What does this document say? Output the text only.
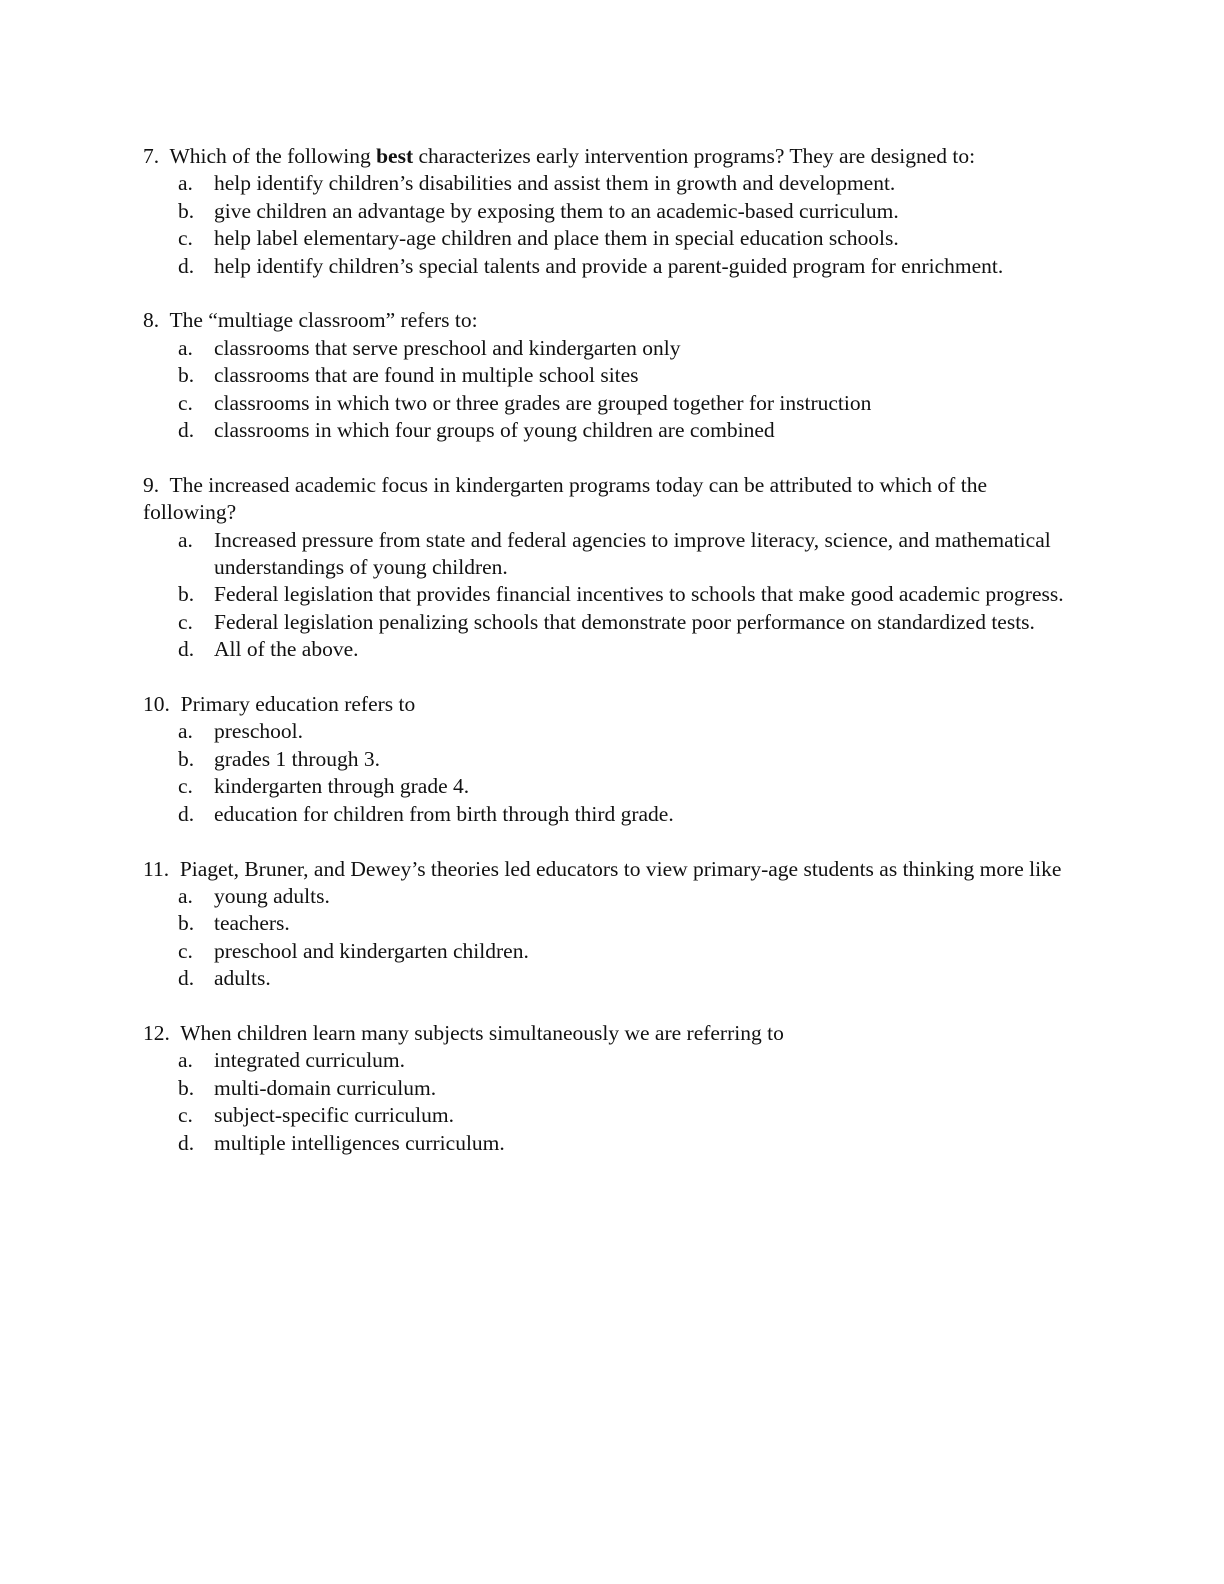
7. Which of the following best characterizes early intervention programs? They are designed to:

a. help identify children’s disabilities and assist them in growth and development.
b. give children an advantage by exposing them to an academic-based curriculum.
c. help label elementary-age children and place them in special education schools.
d. help identify children’s special talents and provide a parent-guided program for enrichment.

8. The “multiage classroom” refers to:

a. classrooms that serve preschool and kindergarten only
b. classrooms that are found in multiple school sites
c. classrooms in which two or three grades are grouped together for instruction
d. classrooms in which four groups of young children are combined

9. The increased academic focus in kindergarten programs today can be attributed to which of the following?

a. Increased pressure from state and federal agencies to improve literacy, science, and mathematical understandings of young children.
b. Federal legislation that provides financial incentives to schools that make good academic progress.
c. Federal legislation penalizing schools that demonstrate poor performance on standardized tests.
d. All of the above.

10. Primary education refers to

a. preschool.
b. grades 1 through 3.
c. kindergarten through grade 4.
d. education for children from birth through third grade.

11. Piaget, Bruner, and Dewey’s theories led educators to view primary-age students as thinking more like

a. young adults.
b. teachers.
c. preschool and kindergarten children.
d. adults.

12. When children learn many subjects simultaneously we are referring to

a. integrated curriculum.
b. multi-domain curriculum.
c. subject-specific curriculum.
d. multiple intelligences curriculum.
